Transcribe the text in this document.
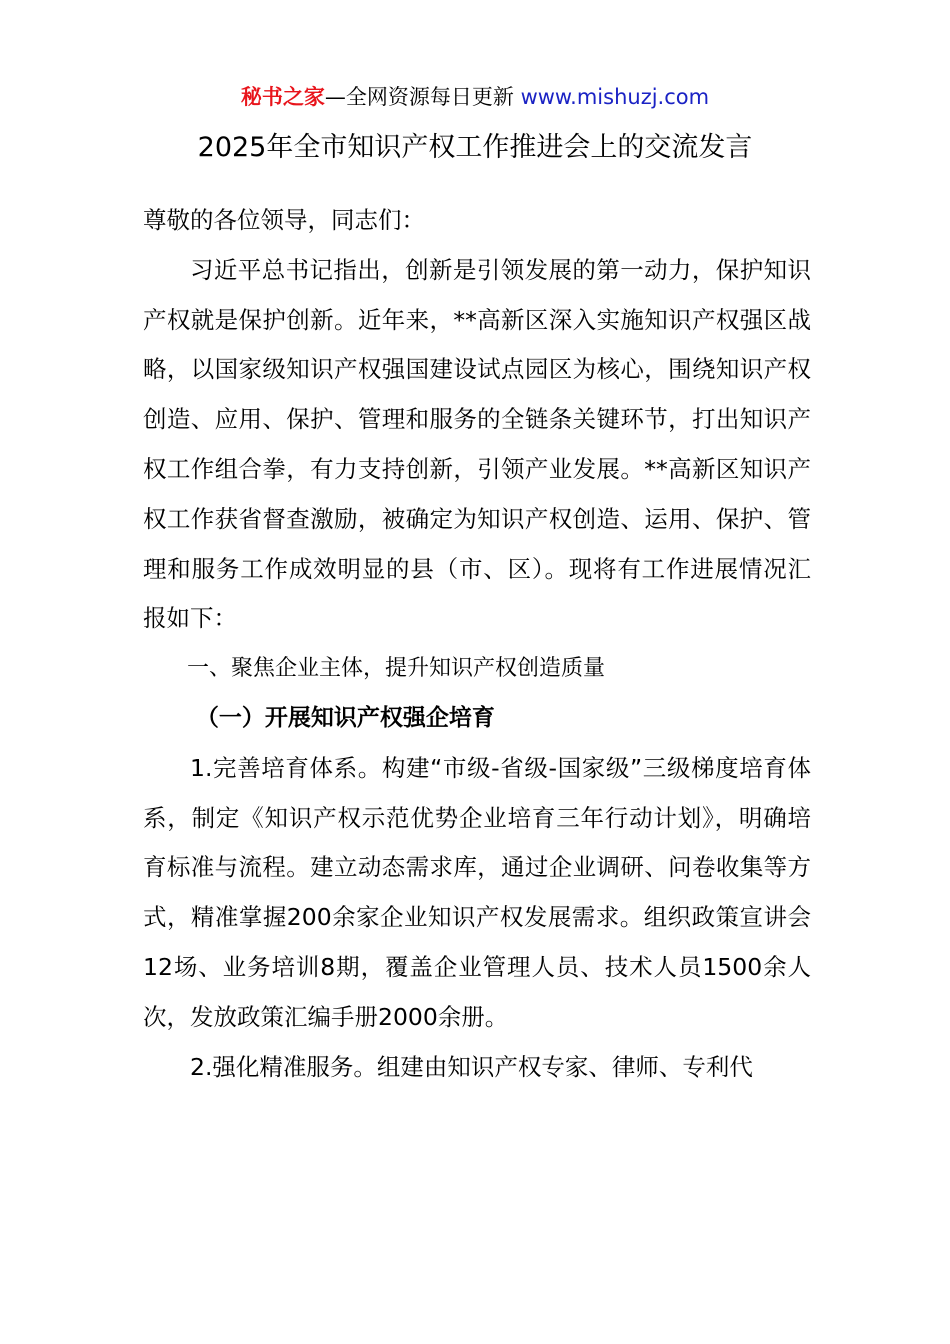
秘书之家—全网资源每日更新 www.mishuzj.com
2025年全市知识产权工作推进会上的交流发言

尊敬的各位领导，同志们：

习近平总书记指出，创新是引领发展的第一动力，保护知识产权就是保护创新。近年来，**高新区深入实施知识产权强区战略，以国家级知识产权强国建设试点园区为核心，围绕知识产权创造、应用、保护、管理和服务的全链条关键环节，打出知识产权工作组合拳，有力支持创新，引领产业发展。**高新区知识产权工作获省督查激励，被确定为知识产权创造、运用、保护、管理和服务工作成效明显的县（市、区）。现将有工作进展情况汇报如下：

一、聚焦企业主体，提升知识产权创造质量

（一）开展知识产权强企培育

1.完善培育体系。构建“市级-省级-国家级”三级梯度培育体系，制定《知识产权示范优势企业培育三年行动计划》，明确培育标准与流程。建立动态需求库，通过企业调研、问卷收集等方式，精准掌握200余家企业知识产权发展需求。组织政策宣讲会12场、业务培训8期，覆盖企业管理人员、技术人员1500余人次，发放政策汇编手册2000余册。

2.强化精准服务。组建由知识产权专家、律师、专利代
